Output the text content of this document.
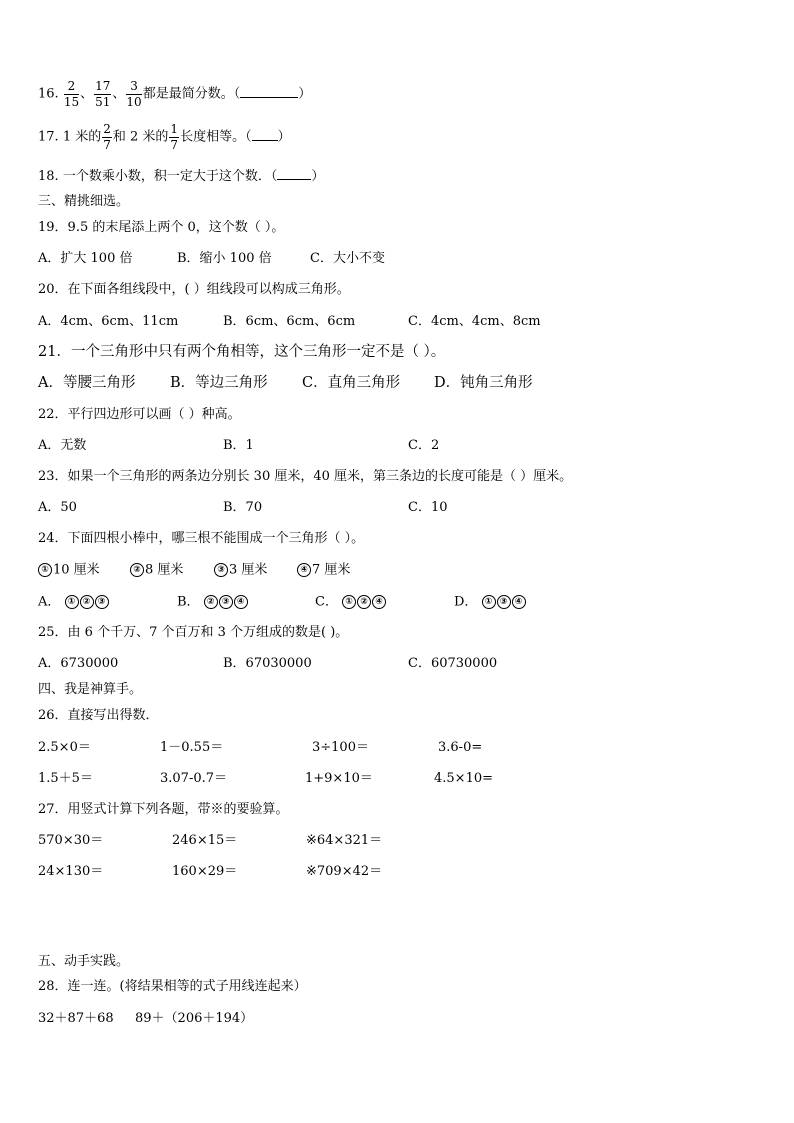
16. $\frac{2}{15}$ 、 $\frac{17}{51}$ 、 $\frac{3}{10}$ 都是最简分数。（	）
17. 1 米的 $\frac{2}{7}$ 和 2 米的 $\frac{1}{7}$ 长度相等。（ ）
18. 一个数乘小数，积一定大于这个数．（	）
三、精挑细选。
19．9.5 的末尾添上两个 0，这个数（ ）。
A．扩大 100 倍	B．缩小 100 倍	C．大小不变
20．在下面各组线段中，( ）组线段可以构成三角形。
A．4cm、6cm、11cm	B．6cm、6cm、6cm	C．4cm、4cm、8cm
21．一个三角形中只有两个角相等，这个三角形一定不是（ ）。
A．等腰三角形 B．等边三角形 C．直角三角形 D．钝角三角形
22．平行四边形可以画（ ）种高。
A．无数	B．1	C．2
23．如果一个三角形的两条边分别长 30 厘米，40 厘米，第三条边的长度可能是（ ）厘米。
A．50	B．70	C．10
24．下面四根小棒中，哪三根不能围成一个三角形（ ）。
① 10 厘米	② 8 厘米	③ 3 厘米	④ 7 厘米
A． ① ② ③	B． ② ③ ④	C． ① ② ④	D． ① ③ ④
25．由 6 个千万、7 个百万和 3 个万组成的数是( )。
A．6730000	B．67030000	C．60730000
四、我是神算手。
26．直接写出得数．
2.5×0＝	1－0.55＝	3÷100＝	3.6-0=
1.5＋5＝	3.07-0.7＝	1+9×10＝	4.5×10=
27．用竖式计算下列各题，带※的要验算。
570×30＝	246×15＝	※64×321＝
24×130＝	160×29＝	※709×42＝
五、动手实践。
28．连一连。(将结果相等的式子用线连起来）
32＋87＋68 89＋（206＋194）
